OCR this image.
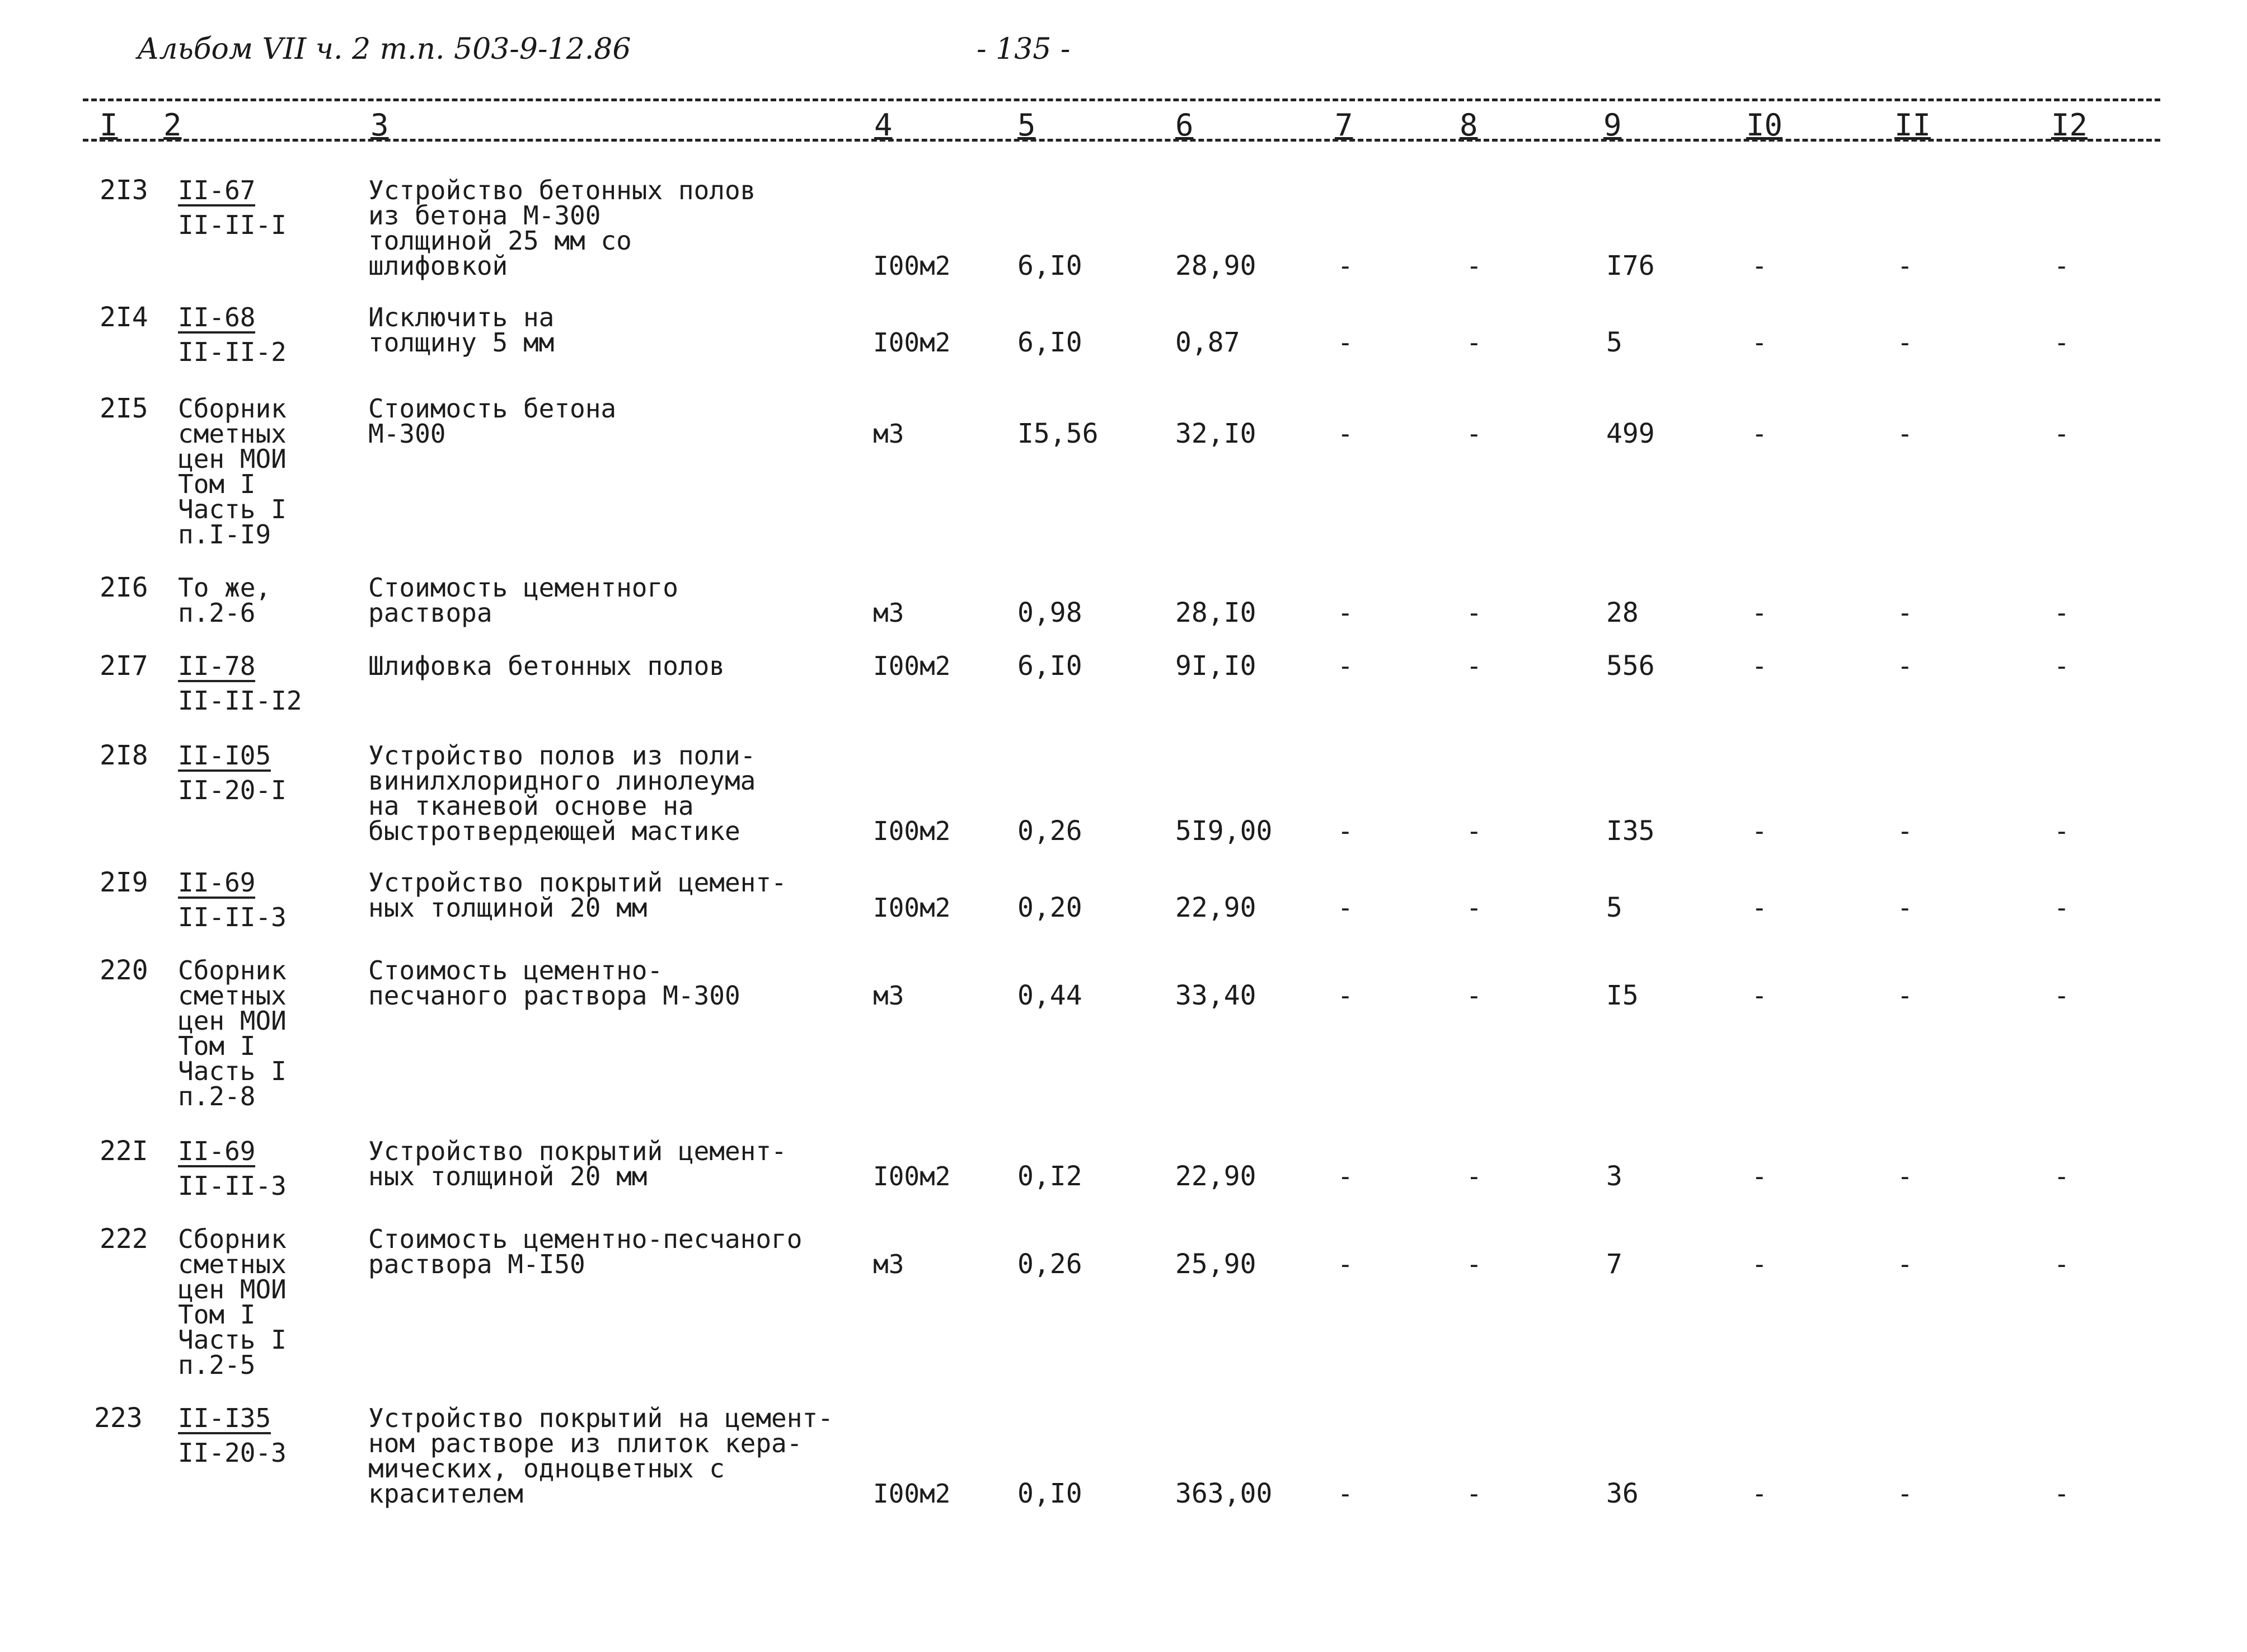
Альбом VII ч. 2 т.п. 503-9-12.86	- 135 -
I 2	3	4	5	6	7	8	9	I0	II	I2
2I3 II-67
II-II-I
Устройство бетонных полов
из бетона М-300
толщиной 25 мм со
шлифовкой	I00м2 6,I0	28,90	-	-	I76	-	-	-
2I4 II-68
II-II-2
Исключить на
толщину 5 мм	I00м2 6,I0	0,87	-	-	5	-	-	-
2I5 Сборник
сметных
цен МОИ
Том I
Часть I
п.I-I9
Стоимость бетона
М-300	м3	I5,56	32,I0	-	-	499	-	-	-
2I6 То же,
п.2-6
Стоимость цементного
раствора	м3	0,98	28,I0	-	-	28	-	-	-
2I7 II-78
II-II-I2
Шлифовка бетонных полов	I00м2 6,I0	9I,I0	-	-	556	-	-	-
2I8 II-I05
II-20-I
Устройство полов из поли-
винилхлоридного линолеума
на тканевой основе на
быстротвердеющей мастике	I00м2 0,26	5I9,00	-	-	I35	-	-	-
2I9 II-69
II-II-3
Устройство покрытий цемент-
ных толщиной 20 мм	I00м2 0,20	22,90	-	-	5	-	-	-
220 Сборник
сметных
цен МОИ
Том I
Часть I
п.2-8
Стоимость цементно-
песчаного раствора М-300	м3	0,44	33,40	-	-	I5	-	-	-
22I II-69
II-II-3
Устройство покрытий цемент-
ных толщиной 20 мм	I00м2 0,I2	22,90	-	-	3	-	-	-
222 Сборник
сметных
цен МОИ
Том I
Часть I
п.2-5
Стоимость цементно-песчаного
раствора М-I50	м3	0,26	25,90	-	-	7	-	-	-
223 II-I35
II-20-3
Устройство покрытий на цемент-
ном растворе из плиток кера-
мических, одноцветных с
красителем	I00м2 0,I0	363,00	-	-	36	-	-	-
